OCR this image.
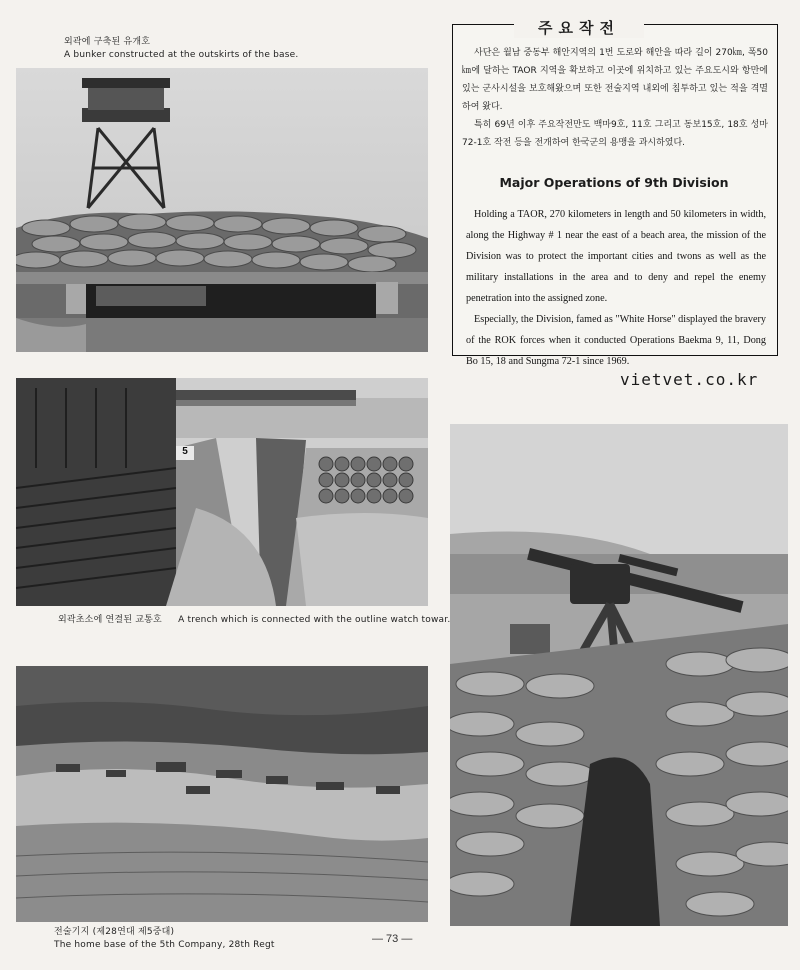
외곽에 구축된 유개호
A bunker constructed at the outskirts of the base.
5
외곽초소에 연결된 교통호 A trench which is connected with the outline watch towar.
전술기지 (제28연대 제5중대)
The home base of the 5th Company, 28th Regt	— 73 —
주요작전

사단은 월남 중동부 해안지역의 1번 도로와 해안을 따라 길이 270㎞, 폭50㎞에 달하는 TAOR 지역을 확보하고 이곳에 위치하고 있는 주요도시와 항만에 있는 군사시설을 보호해왔으며 또한 전술지역 내외에 침투하고 있는 적을 격멸하여 왔다.

특히 69년 이후 주요작전만도 백마9호, 11호 그리고 동보15호, 18호 성마72-1호 작전 등을 전개하여 한국군의 용맹을 과시하였다.

Major Operations of 9th Division

Holding a TAOR, 270 kilometers in length and 50 kilometers in width, along the Highway # 1 near the east of a beach area, the mission of the Division was to protect the important cities and twons as well as the military installations in the area and to deny and repel the enemy penetration into the assigned zone.

Especially, the Division, famed as "White Horse" displayed the bravery of the ROK forces when it conducted Operations Baekma 9, 11, Dong Bo 15, 18 and Sungma 72-1 since 1969.

vietvet.co.kr
